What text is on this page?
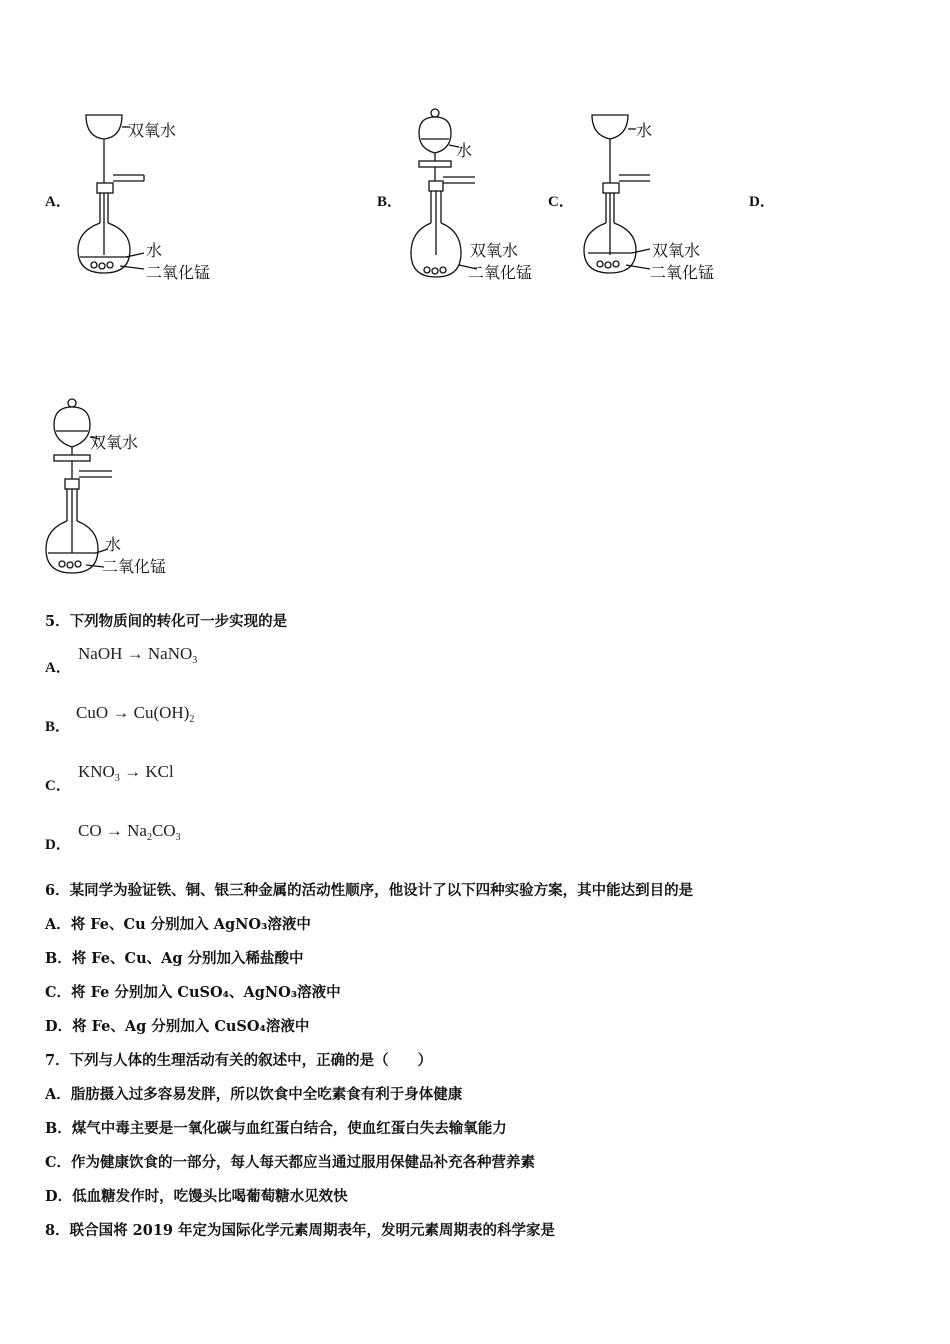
A．	B．	C．	D．
双氧水
水
二氧化锰
水
双氧水
二氧化锰
水
双氧水
二氧化锰
双氧水
水
二氧化锰
5．下列物质间的转化可一步实现的是
A．
NaOH → NaNO$_3$
B．
CuO → $Cu(OH)_2$
C．
$KNO_3$ → KCl
D．
CO → $Na_2CO_3$
6．某同学为验证铁、铜、银三种金属的活动性顺序，他设计了以下四种实验方案，其中能达到目的是
A．将 Fe、Cu 分别加入 AgNO₃溶液中
B．将 Fe、Cu、Ag 分别加入稀盐酸中
C．将 Fe 分别加入 CuSO₄、AgNO₃溶液中
D．将 Fe、Ag 分别加入 CuSO₄溶液中
7．下列与人体的生理活动有关的叙述中，正确的是（　　）
A．脂肪摄入过多容易发胖，所以饮食中全吃素食有利于身体健康
B．煤气中毒主要是一氧化碳与血红蛋白结合，使血红蛋白失去输氧能力
C．作为健康饮食的一部分，每人每天都应当通过服用保健品补充各种营养素
D．低血糖发作时，吃馒头比喝葡萄糖水见效快
8．联合国将 2019 年定为国际化学元素周期表年，发明元素周期表的科学家是
